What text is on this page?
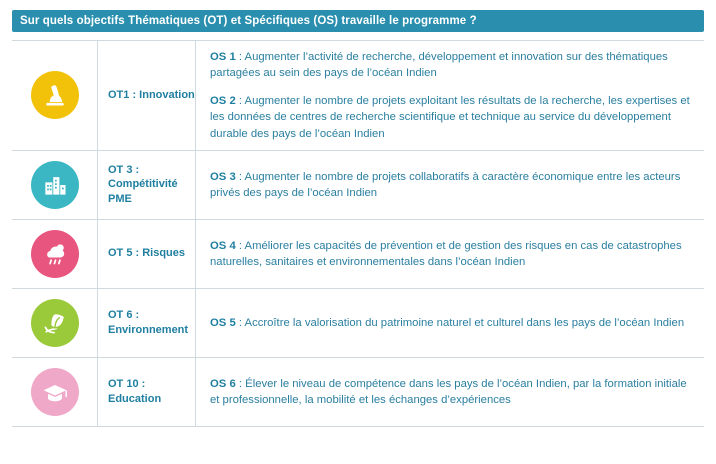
Sur quels objectifs Thématiques (OT) et Spécifiques (OS) travaille le programme ?
OT1 : Innovation

OS 1 : Augmenter l’activité de recherche, développement et innovation sur des thématiques partagées au sein des pays de l’océan Indien

OS 2 : Augmenter le nombre de projets exploitant les résultats de la recherche, les expertises et les données de centres de recherche scientifique et technique au service du développement durable des pays de l’océan Indien

OT 3 : Compétitivité PME

OS 3 : Augmenter le nombre de projets collaboratifs à caractère économique entre les acteurs privés des pays de l’océan Indien

OT 5 : Risques

OS 4 : Améliorer les capacités de prévention et de gestion des risques en cas de catastrophes naturelles, sanitaires et environnementales dans l’océan Indien

OT 6 : Environnement

OS 5 : Accroître la valorisation du patrimoine naturel et culturel dans les pays de l’océan Indien

OT 10 : Education

OS 6 : Élever le niveau de compétence dans les pays de l’océan Indien, par la formation initiale et professionnelle, la mobilité et les échanges d’expériences
